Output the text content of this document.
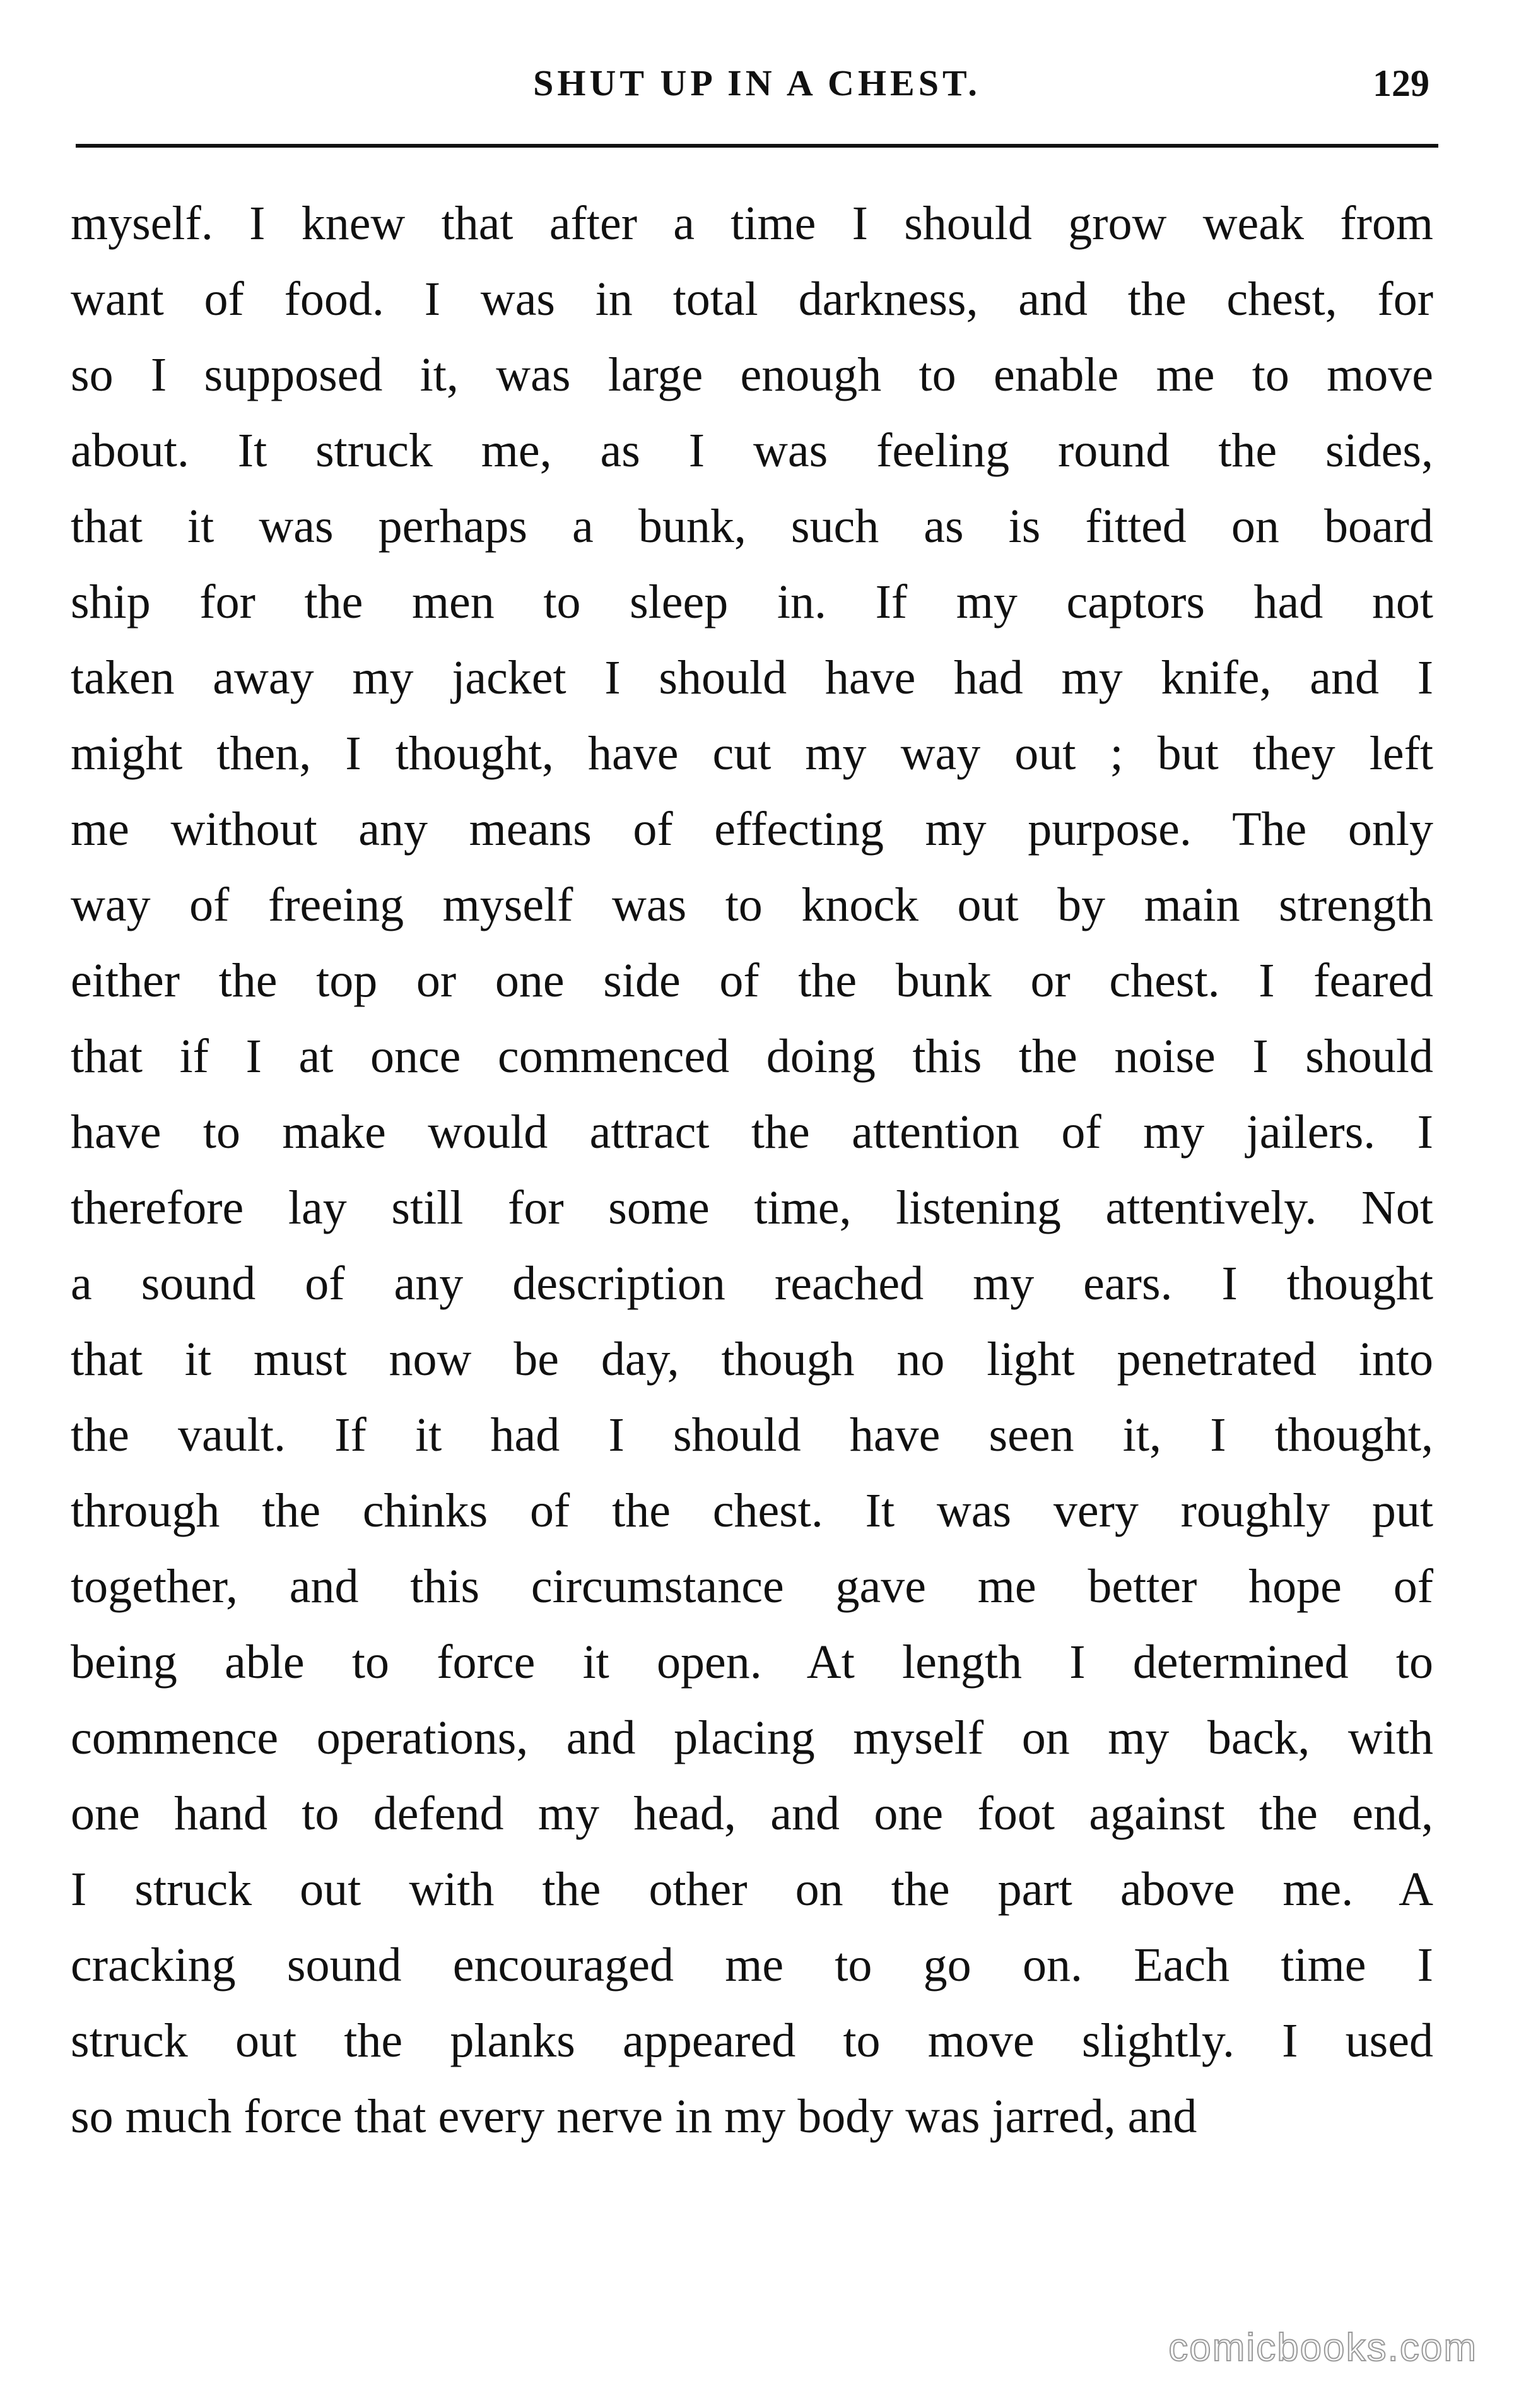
SHUT UP IN A CHEST.	129
myself. I knew that after a time I should grow weak from
want of food. I was in total darkness, and the chest, for
so I supposed it, was large enough to enable me to move
about. It struck me, as I was feeling round the sides,
that it was perhaps a bunk, such as is fitted on board
ship for the men to sleep in. If my captors had not
taken away my jacket I should have had my knife, and I
might then, I thought, have cut my way out ; but they left
me without any means of effecting my purpose. The only
way of freeing myself was to knock out by main strength
either the top or one side of the bunk or chest. I feared
that if I at once commenced doing this the noise I should
have to make would attract the attention of my jailers. I
therefore lay still for some time, listening attentively. Not
a sound of any description reached my ears. I thought
that it must now be day, though no light penetrated into
the vault. If it had I should have seen it, I thought,
through the chinks of the chest. It was very roughly put
together, and this circumstance gave me better hope of
being able to force it open. At length I determined to
commence operations, and placing myself on my back, with
one hand to defend my head, and one foot against the end,
I struck out with the other on the part above me. A
cracking sound encouraged me to go on. Each time I
struck out the planks appeared to move slightly. I used
so much force that every nerve in my body was jarred, and
comicbooks.com
